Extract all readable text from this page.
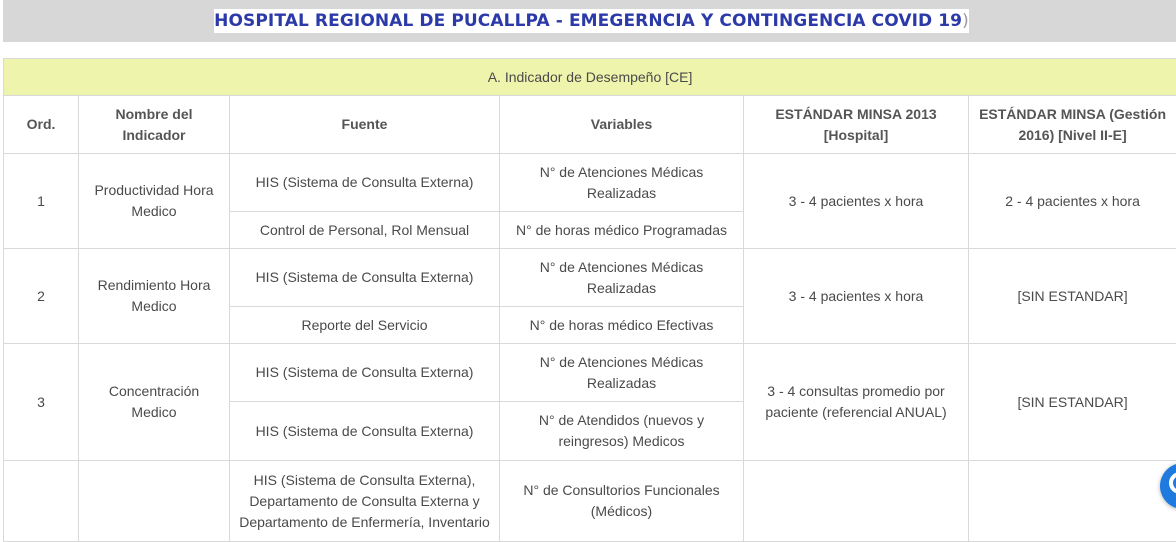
HOSPITAL REGIONAL DE PUCALLPA - EMEGERNCIA Y CONTINGENCIA COVID 19)
A. Indicador de Desempeño [CE]					
Ord.	Nombre del Indicador	Fuente	Variables	ESTÁNDAR MINSA 2013 [Hospital]	ESTÁNDAR MINSA (Gestión 2016) [Nivel II-E]
1	Productividad Hora Medico	HIS (Sistema de Consulta Externa)	N° de Atenciones Médicas Realizadas	3 - 4 pacientes x hora	2 - 4 pacientes x hora
		Control de Personal, Rol Mensual	N° de horas médico Programadas		
2	Rendimiento Hora Medico	HIS (Sistema de Consulta Externa)	N° de Atenciones Médicas Realizadas	3 - 4 pacientes x hora	[SIN ESTANDAR]
		Reporte del Servicio	N° de horas médico Efectivas		
3	Concentración Medico	HIS (Sistema de Consulta Externa)	N° de Atenciones Médicas Realizadas	3 - 4 consultas promedio por paciente (referencial ANUAL)	[SIN ESTANDAR]
		HIS (Sistema de Consulta Externa)	N° de Atendidos (nuevos y reingresos) Medicos		
		HIS (Sistema de Consulta Externa), Departamento de Consulta Externa y Departamento de Enfermería, Inventario	N° de Consultorios Funcionales (Médicos)		
